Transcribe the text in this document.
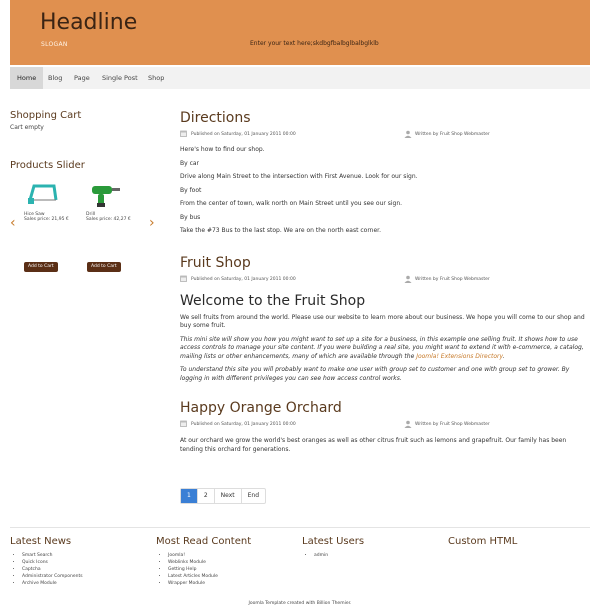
Headline
SLOGAN	Enter your text here;skdbgfbalbglbalbglklb
Home	Blog	Page	Single Post	Shop
Shopping Cart
Cart empty
Products Slider
‹	›
Hice Saw
Sales price: 21,95 €
Drill
Sales price: 42,27 €
Add to Cart	Add to Cart
Directions
Published on Saturday, 01 January 2011 00:00	Written by Fruit Shop Webmaster
Here's how to find our shop.
By car
Drive along Main Street to the intersection with First Avenue. Look for our sign.
By foot
From the center of town, walk north on Main Street until you see our sign.
By bus
Take the #73 Bus to the last stop. We are on the north east corner.
Fruit Shop
Published on Saturday, 01 January 2011 00:00	Written by Fruit Shop Webmaster
Welcome to the Fruit Shop
We sell fruits from around the world. Please use our website to learn more about our business. We hope you will come to our shop and buy some fruit.
This mini site will show you how you might want to set up a site for a business, in this example one selling fruit. It shows how to use access controls to manage your site content. If you were building a real site, you might want to extend it with e-commerce, a catalog, mailing lists or other enhancements, many of which are available through the Joomla! Extensions Directory.
To understand this site you will probably want to make one user with group set to customer and one with group set to grower. By logging in with different privileges you can see how access control works.
Happy Orange Orchard
Published on Saturday, 01 January 2011 00:00	Written by Fruit Shop Webmaster
At our orchard we grow the world's best oranges as well as other citrus fruit such as lemons and grapefruit. Our family has been tending this orchard for generations.
1	2	Next	End
Latest News
• Smart Search
• Quick Icons
• Captcha
• Administrator Components
• Archive Module
Most Read Content
• Joomla!
• Weblinks Module
• Getting Help
• Latest Articles Module
• Wrapper Module
Latest Users
• admin
Custom HTML
Joomla Template created with Billion Themier.
